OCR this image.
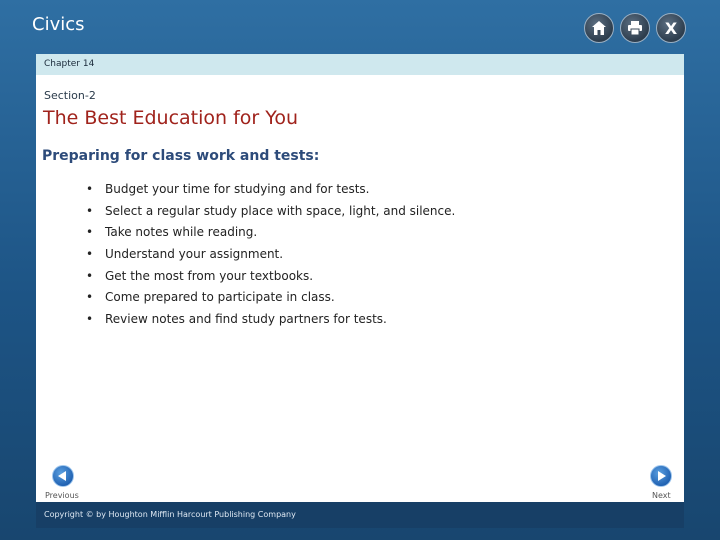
Civics	X
Chapter 14
Section-2
The Best Education for You
Preparing for class work and tests:
• Budget your time for studying and for tests.
• Select a regular study place with space, light, and silence.
• Take notes while reading.
• Understand your assignment.
• Get the most from your textbooks.
• Come prepared to participate in class.
• Review notes and find study partners for tests.
Previous	Next
Copyright © by Houghton Mifflin Harcourt Publishing Company
